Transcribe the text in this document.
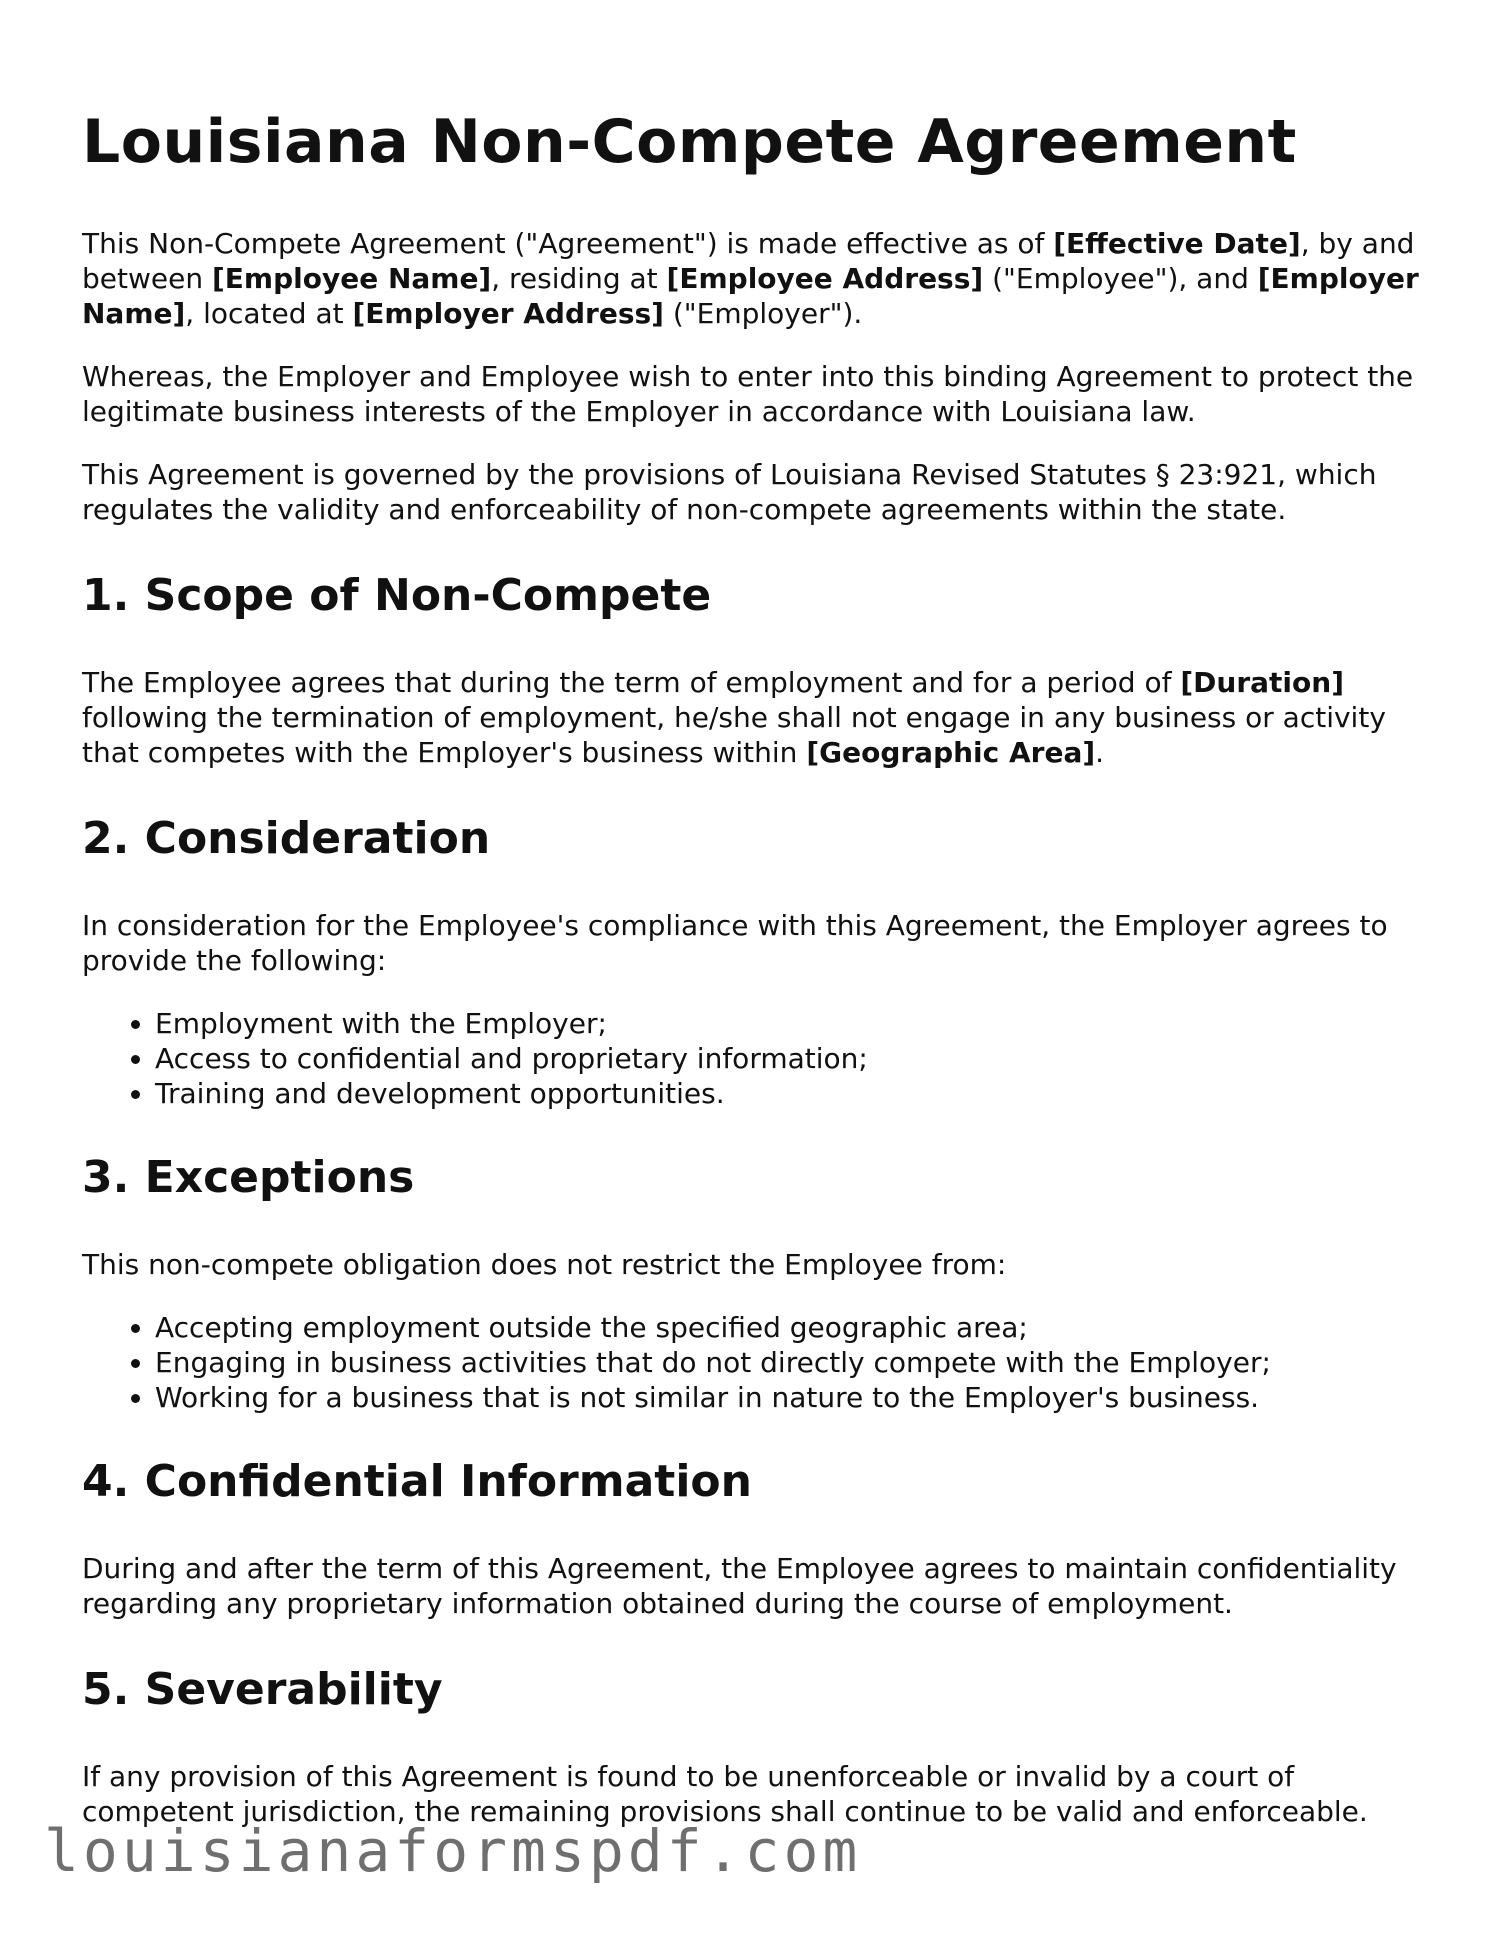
Louisiana Non-Compete Agreement

This Non-Compete Agreement ("Agreement") is made effective as of [Effective Date], by and between [Employee Name], residing at [Employee Address] ("Employee"), and [Employer Name], located at [Employer Address] ("Employer").

Whereas, the Employer and Employee wish to enter into this binding Agreement to protect the legitimate business interests of the Employer in accordance with Louisiana law.

This Agreement is governed by the provisions of Louisiana Revised Statutes § 23:921, which regulates the validity and enforceability of non-compete agreements within the state.

1. Scope of Non-Compete

The Employee agrees that during the term of employment and for a period of [Duration] following the termination of employment, he/she shall not engage in any business or activity that competes with the Employer's business within [Geographic Area].

2. Consideration

In consideration for the Employee's compliance with this Agreement, the Employer agrees to provide the following:

• Employment with the Employer;
• Access to confidential and proprietary information;
• Training and development opportunities.
3. Exceptions

This non-compete obligation does not restrict the Employee from:

• Accepting employment outside the specified geographic area;
• Engaging in business activities that do not directly compete with the Employer;
• Working for a business that is not similar in nature to the Employer's business.
4. Confidential Information

During and after the term of this Agreement, the Employee agrees to maintain confidentiality regarding any proprietary information obtained during the course of employment.

5. Severability

If any provision of this Agreement is found to be unenforceable or invalid by a court of competent jurisdiction, the remaining provisions shall continue to be valid and enforceable.

louisianaformspdf.com
